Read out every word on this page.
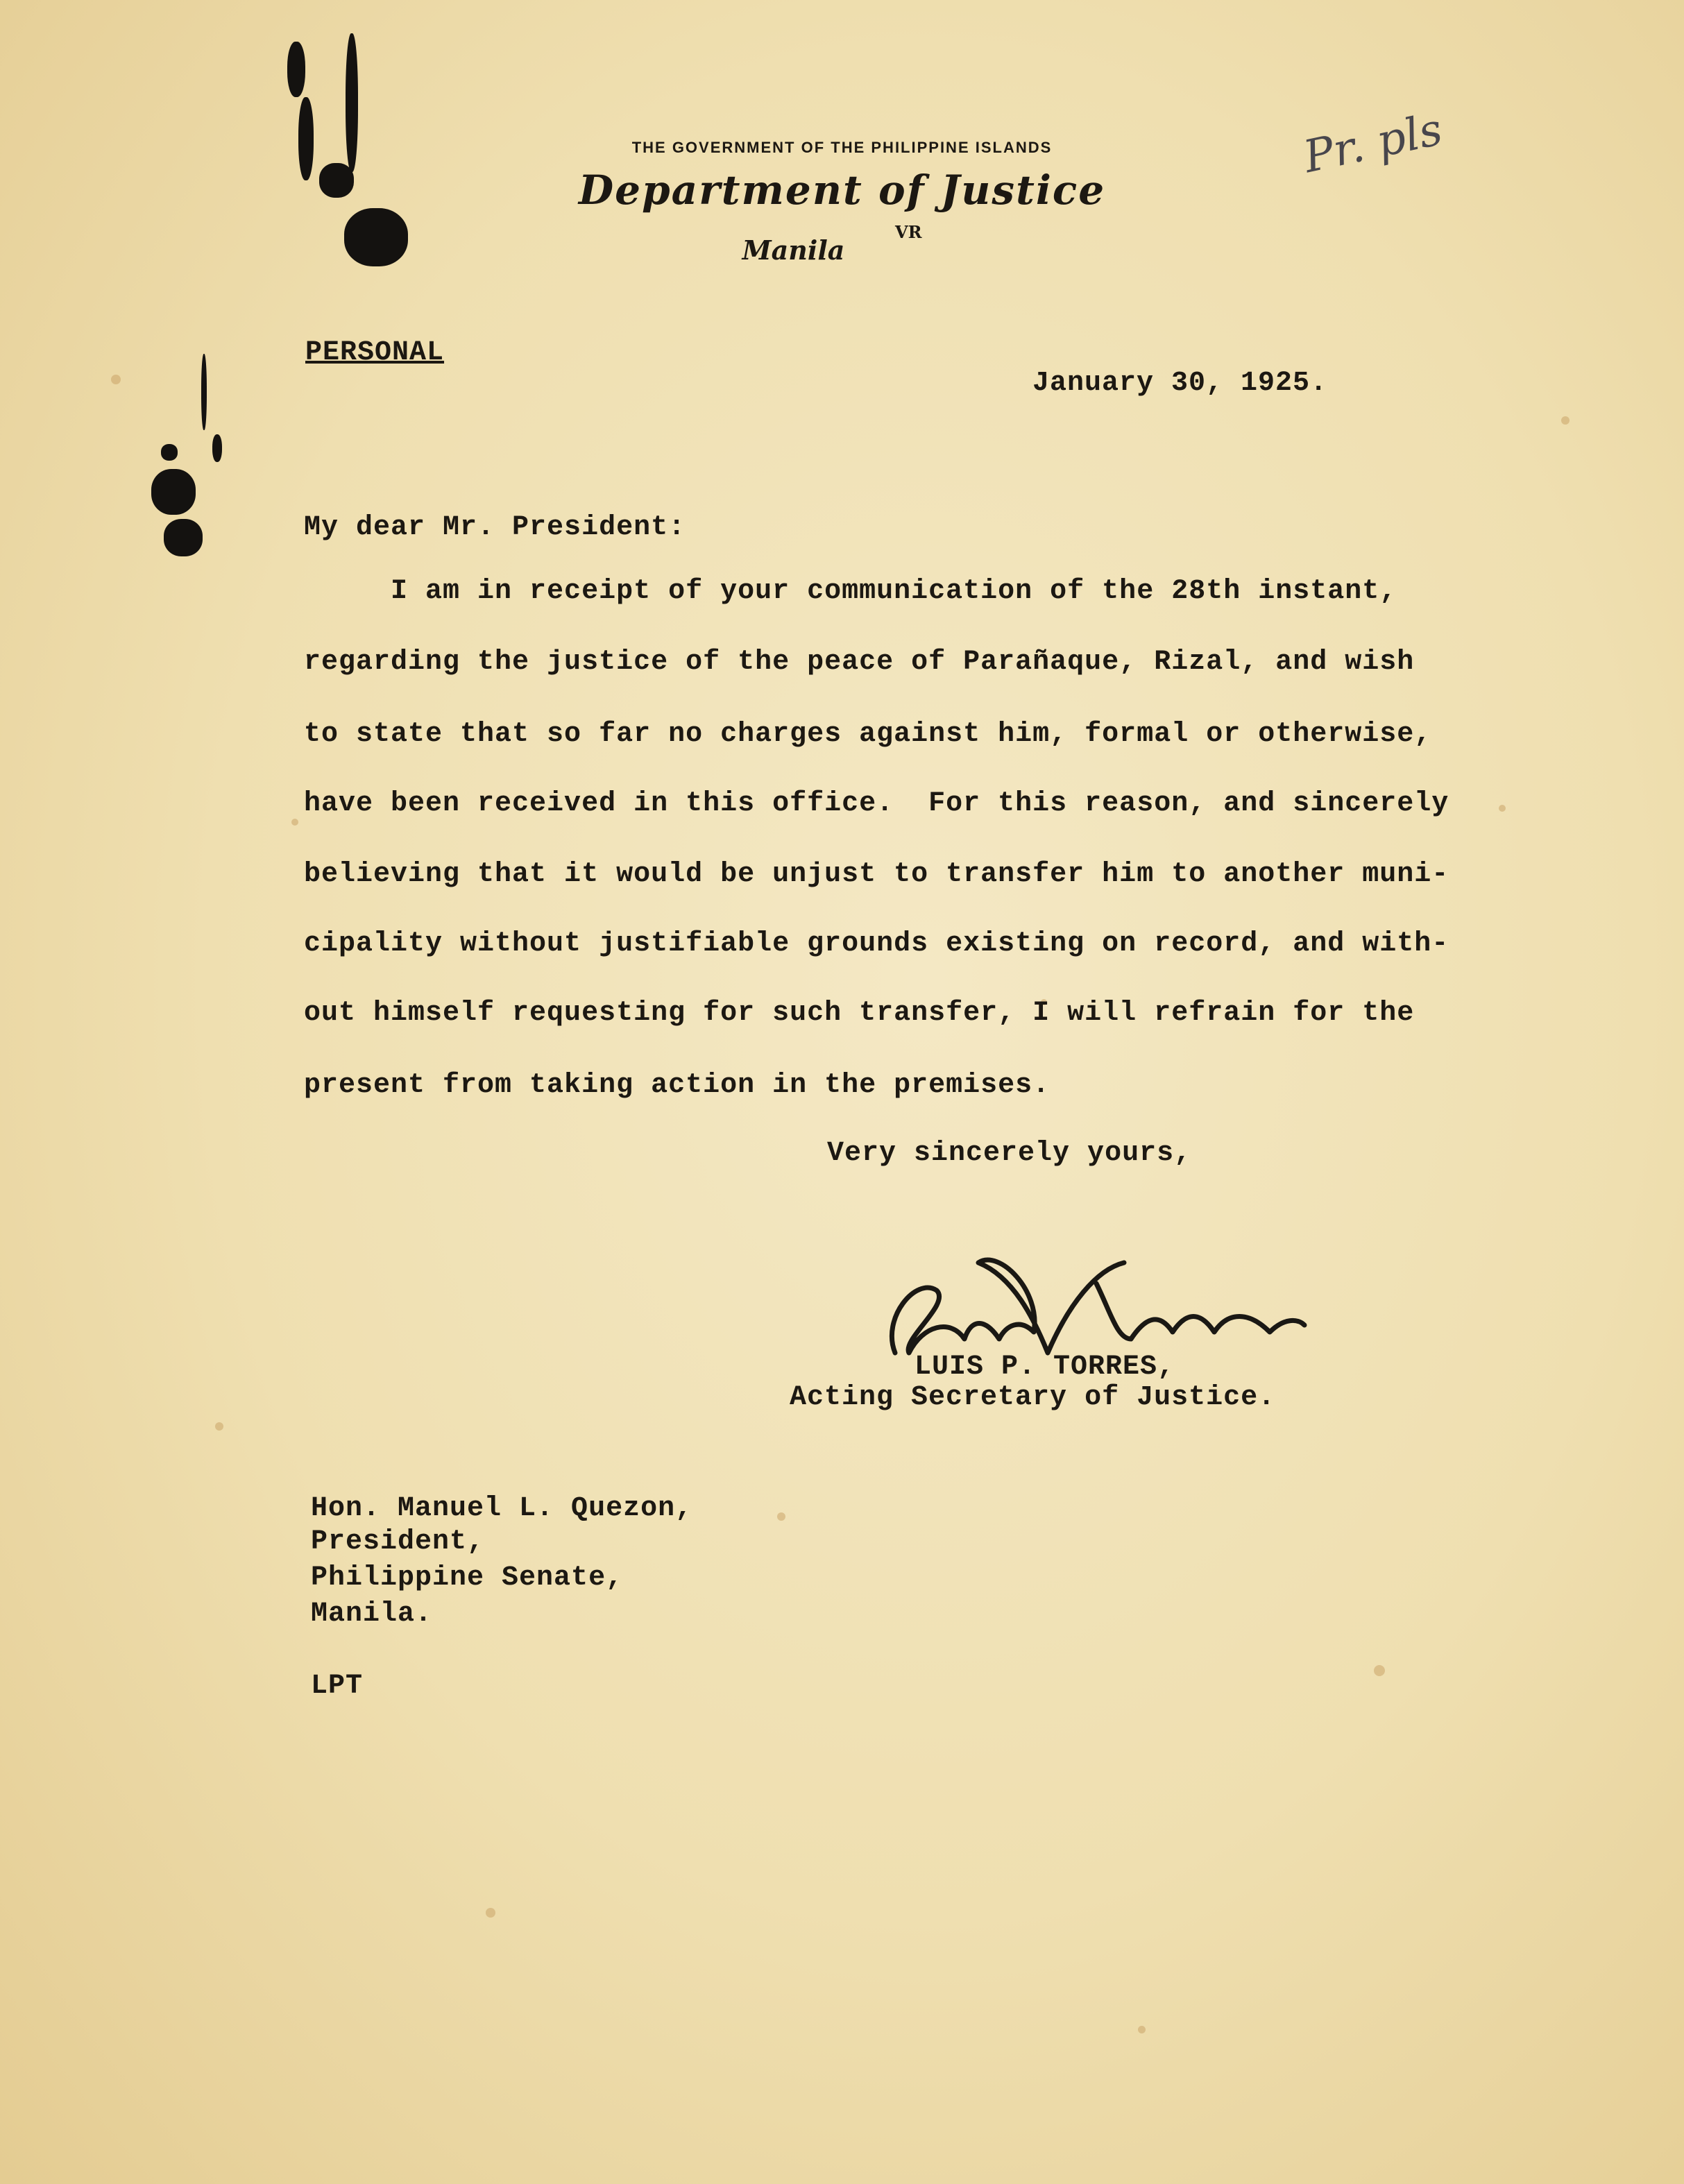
THE GOVERNMENT OF THE PHILIPPINE ISLANDS
Department of Justice
Manila
VR
Pr. pls
PERSONAL
January 30, 1925.
My dear Mr. President:
I am in receipt of your communication of the 28th instant,
regarding the justice of the peace of Parañaque, Rizal, and wish
to state that so far no charges against him, formal or otherwise,
have been received in this office.  For this reason, and sincerely
believing that it would be unjust to transfer him to another muni-
cipality without justifiable grounds existing on record, and with-
out himself requesting for such transfer, I will refrain for the
present from taking action in the premises.
Very sincerely yours,
LUIS P. TORRES,
Acting Secretary of Justice.
Hon. Manuel L. Quezon,
President,
Philippine Senate,
Manila.
LPT
